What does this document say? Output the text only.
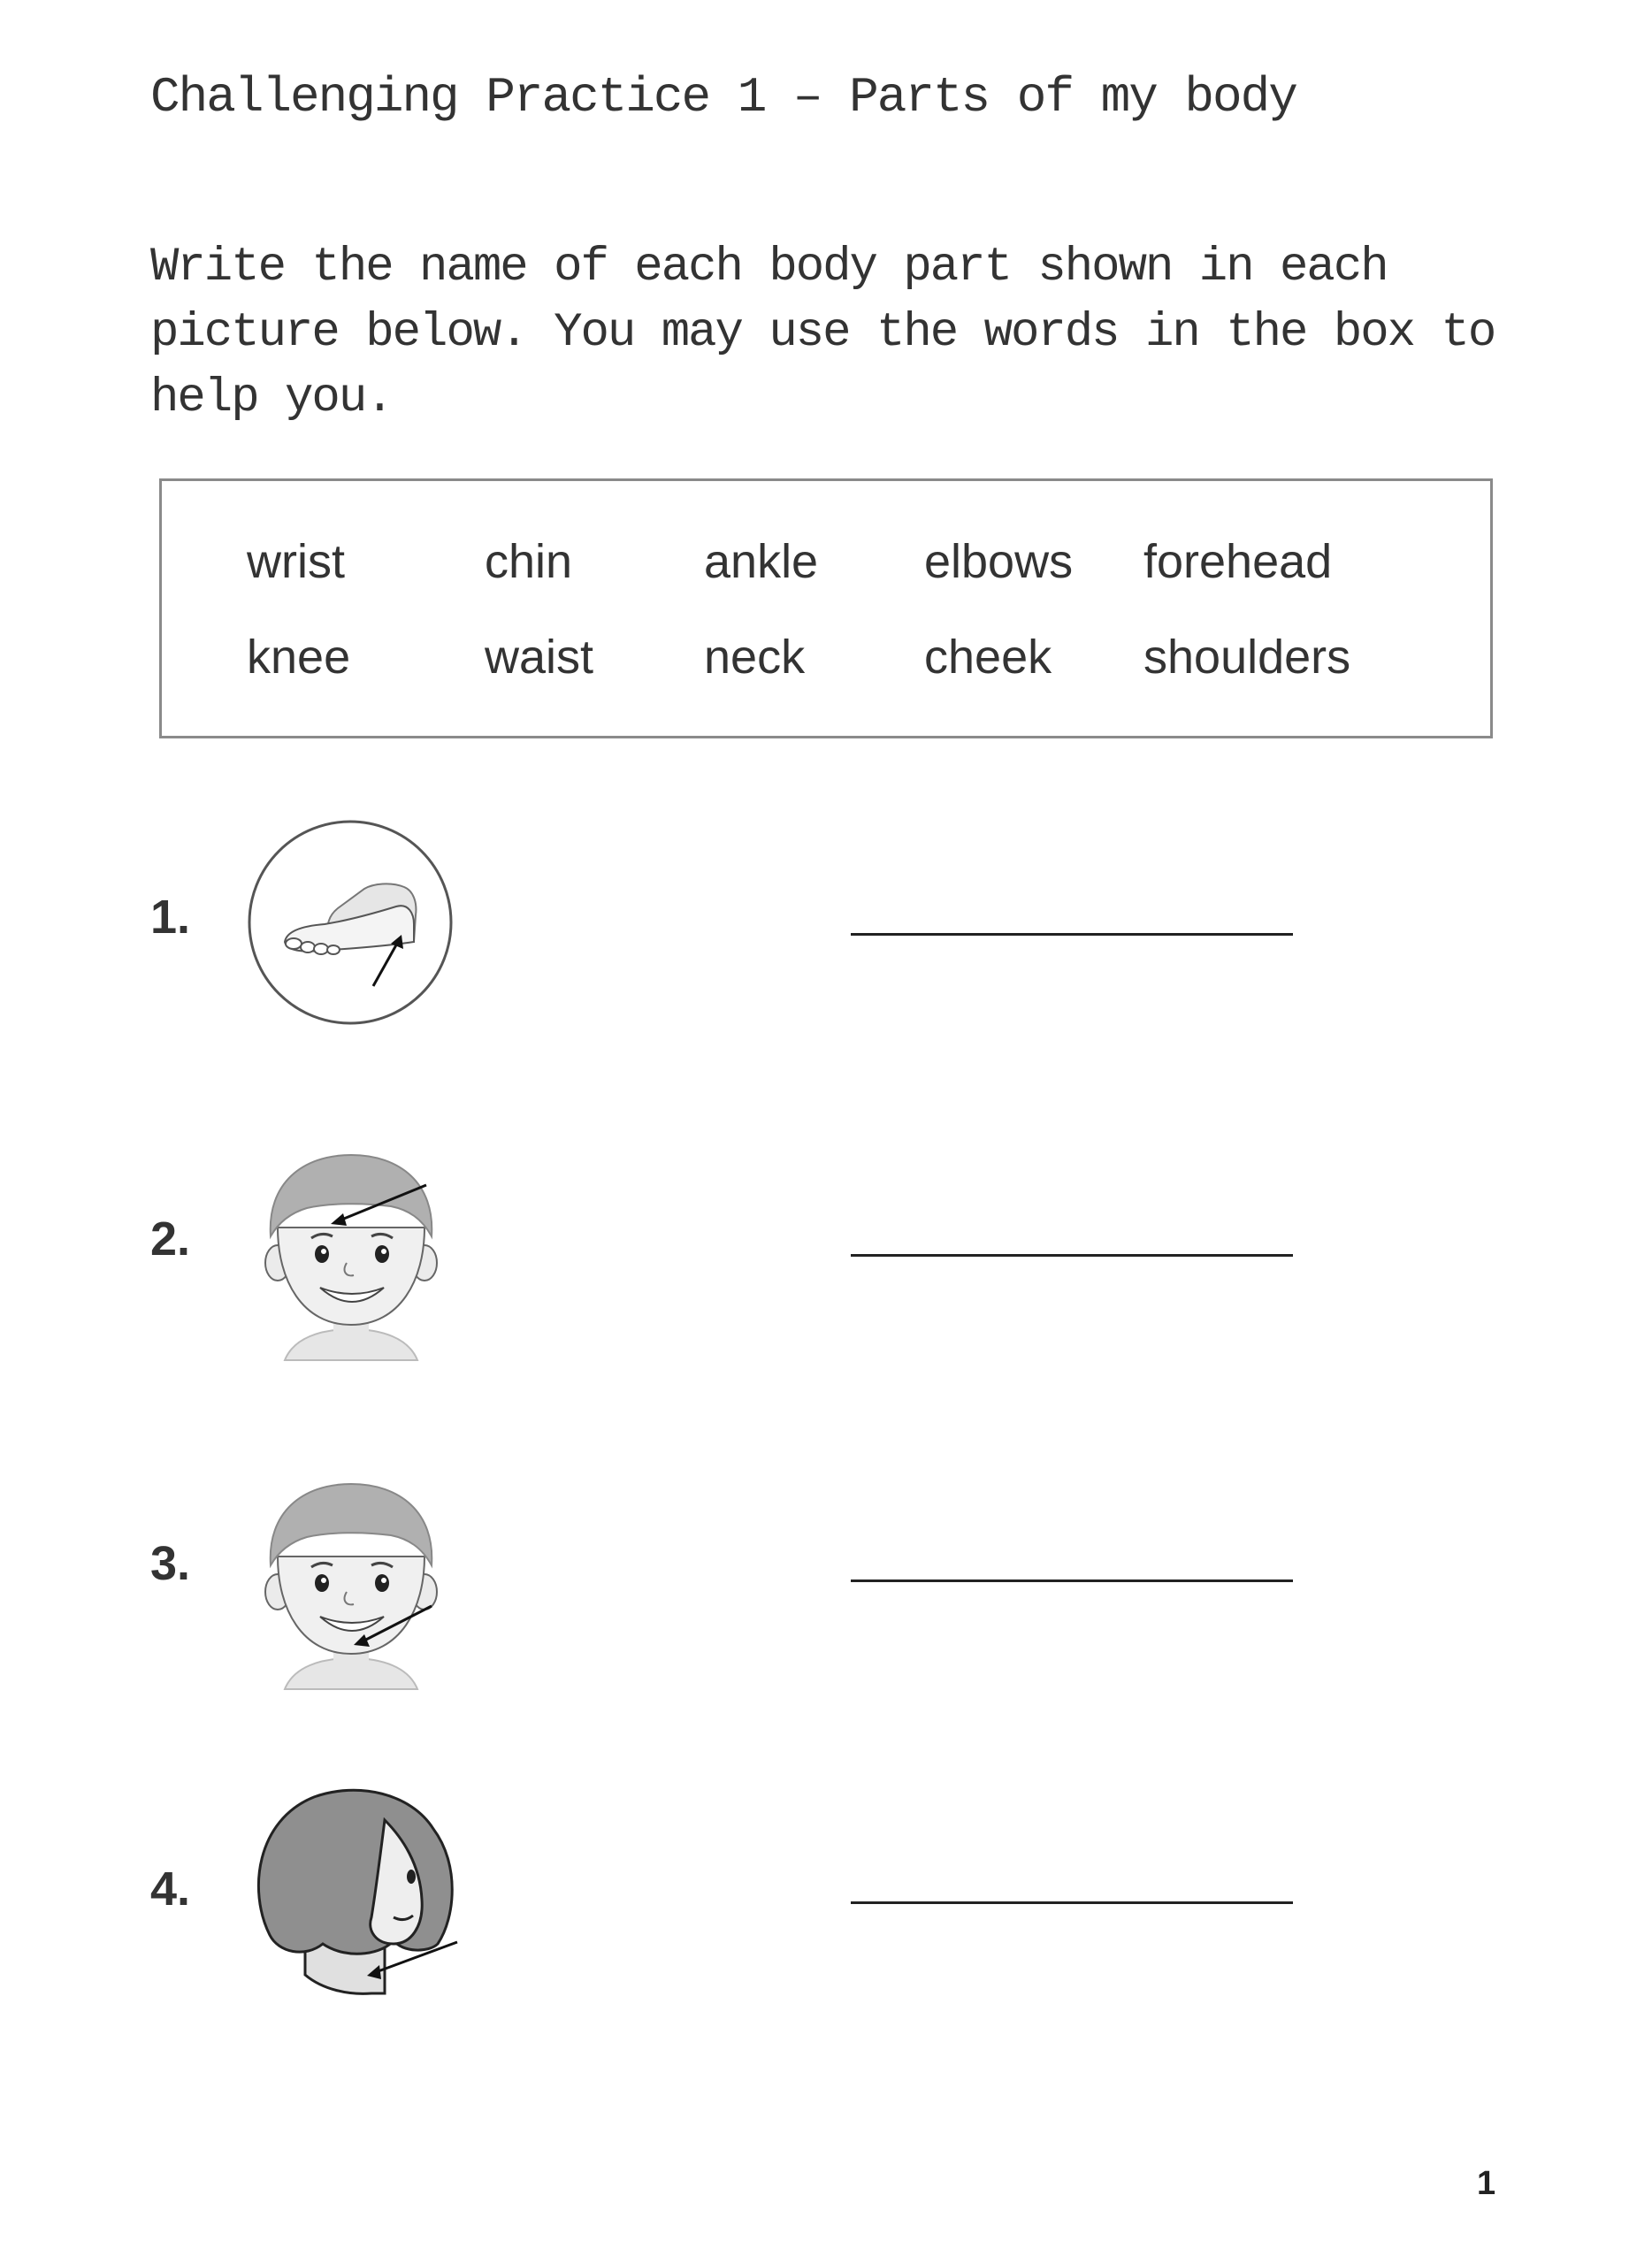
Challenging Practice 1 – Parts of my body
Write the name of each body part shown in each picture below. You may use the words in the box to help you.
wrist	chin	ankle elbows forehead
knee	waist neck cheek shoulders
1.
2.
3.
4.
1
